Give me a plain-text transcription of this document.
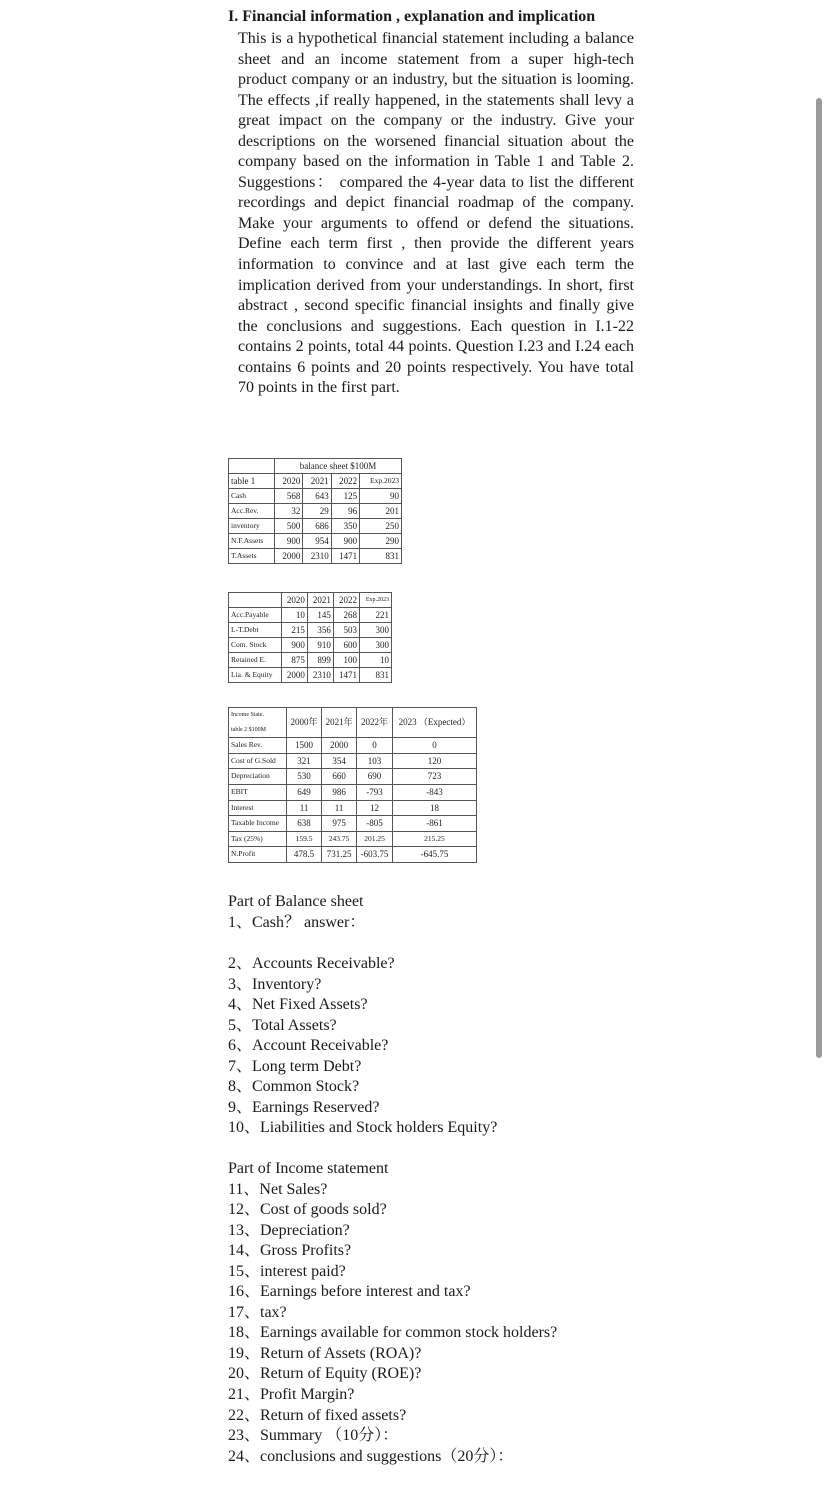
I. Financial information , explanation and implication

This is a hypothetical financial statement including a balance sheet and an income statement from a super high-tech product company or an industry, but the situation is looming. The effects ,if really happened, in the statements shall levy a great impact on the company or the industry. Give your descriptions on the worsened financial situation about the company based on the information in Table 1 and Table 2. Suggestions： compared the 4-year data to list the different recordings and depict financial roadmap of the company. Make your arguments to offend or defend the situations. Define each term first , then provide the different years information to convince and at last give each term the implication derived from your understandings. In short, first abstract , second specific financial insights and finally give the conclusions and suggestions. Each question in I.1-22 contains 2 points, total 44 points. Question I.23 and I.24 each contains 6 points and 20 points respectively. You have total 70 points in the first part.

	balance sheet $100M			
table 1	2020	2021	2022	Exp.2023
Cash	568	643	125	90
Acc.Rev.	32	29	96	201
inventory	500	686	350	250
N.F.Assets	900	954	900	290
T.Assets	2000	2310	1471	831
	2020	2021	2022	Exp.2023
Acc.Payable	10	145	268	221
L-T.Debt	215	356	503	300
Com. Stock	900	910	600	300
Retained E.	875	899	100	10
Lia. & Equity	2000	2310	1471	831
Income State.
table 2 $100M	2000年	2021年	2022年	2023 （Expected）
Sales Rev.	1500	2000	0	0
Cost of G.Sold	321	354	103	120
Depreciation	530	660	690	723
EBIT	649	986	-793	-843
Interest	11	11	12	18
Taxable Income	638	975	-805	-861
Tax (25%)	159.5	243.75	201.25	215.25
N.Profit	478.5	731.25	-603.75	-645.75
Part of Balance sheet
1、Cash？ answer：
2、Accounts Receivable?
3、Inventory?
4、Net Fixed Assets?
5、Total Assets?
6、Account Receivable?
7、Long term Debt?
8、Common Stock?
9、Earnings Reserved?
10、Liabilities and Stock holders Equity?
Part of Income statement
11、Net Sales?
12、Cost of goods sold?
13、Depreciation?
14、Gross Profits?
15、interest paid?
16、Earnings before interest and tax?
17、tax?
18、Earnings available for common stock holders?
19、Return of Assets (ROA)?
20、Return of Equity (ROE)?
21、Profit Margin?
22、Return of fixed assets?
23、Summary （10分）：
24、conclusions and suggestions（20分）：
